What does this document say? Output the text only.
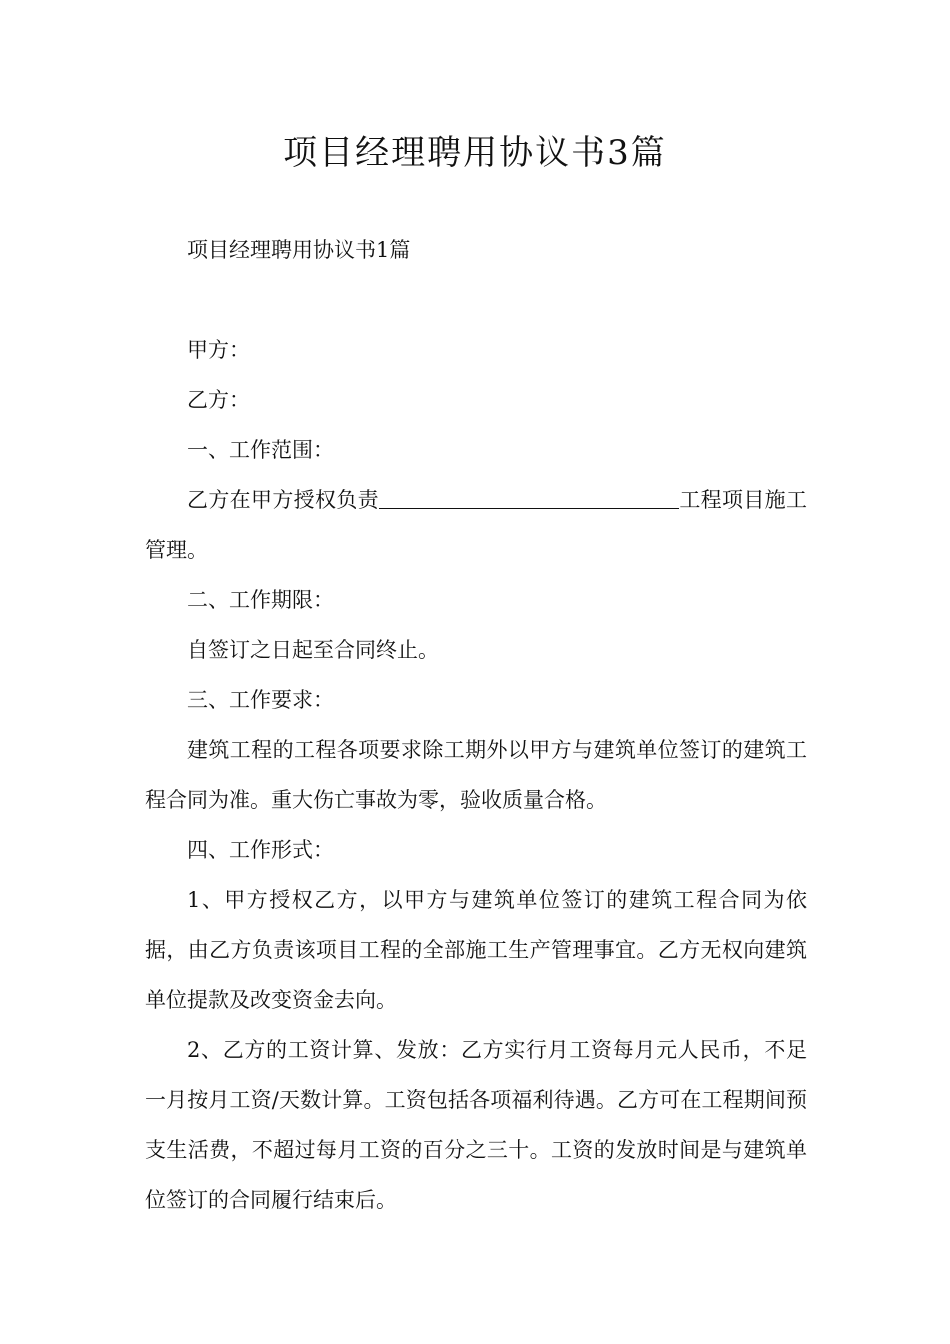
项目经理聘用协议书3篇

项目经理聘用协议书1篇

甲方：

乙方：

一、工作范围：

乙方在甲方授权负责	工程项目施工管理。

二、工作期限：

自签订之日起至合同终止。

三、工作要求：

建筑工程的工程各项要求除工期外以甲方与建筑单位签订的建筑工程合同为准。重大伤亡事故为零，验收质量合格。

四、工作形式：

1、甲方授权乙方，以甲方与建筑单位签订的建筑工程合同为依据，由乙方负责该项目工程的全部施工生产管理事宜。乙方无权向建筑单位提款及改变资金去向。

2、乙方的工资计算、发放：乙方实行月工资每月元人民币，不足一月按月工资/天数计算。工资包括各项福利待遇。乙方可在工程期间预支生活费，不超过每月工资的百分之三十。工资的发放时间是与建筑单位签订的合同履行结束后。
